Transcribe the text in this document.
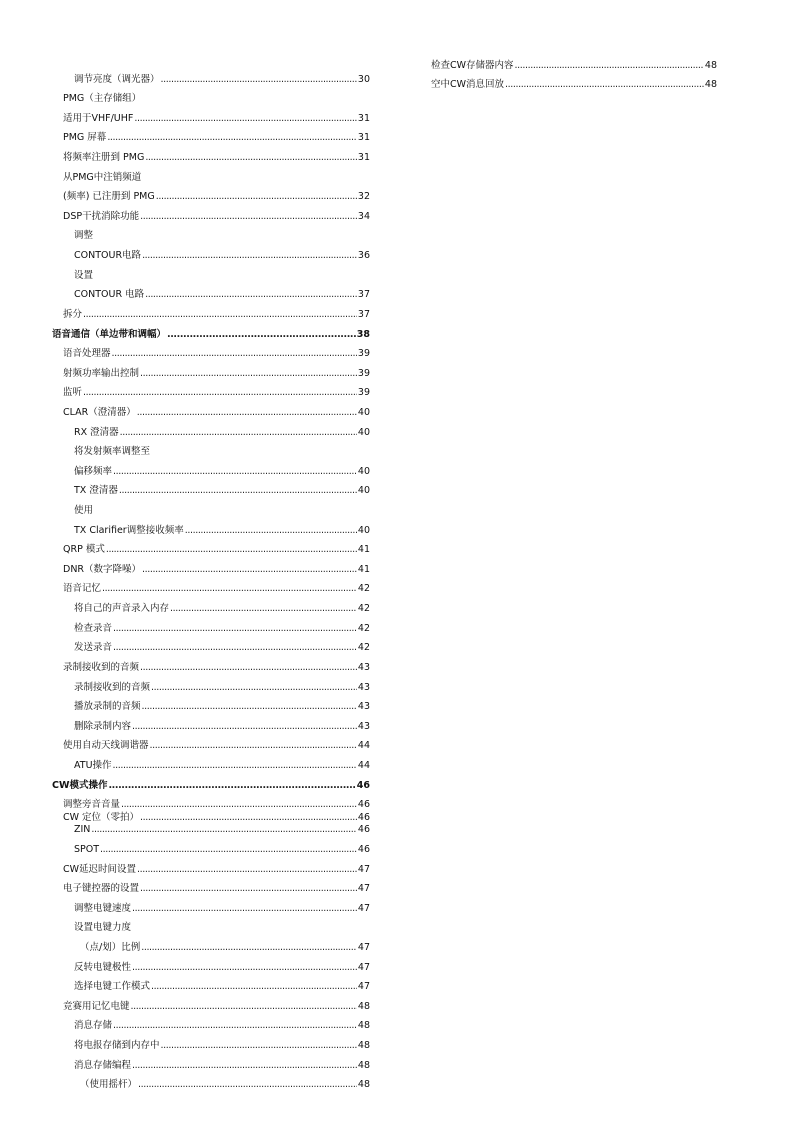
调节亮度（调光器） .....	30
PMG（主存储组）
适用于VHF/UHF .....	31
PMG 屏幕 .....	31
将频率注册到 PMG .....	31
从PMG中注销频道
(频率) 已注册到 PMG .....	32
DSP干扰消除功能 .....	34
调整
CONTOUR电路 .....	36
设置
CONTOUR 电路 .....	37
拆分 .....	37
语音通信（单边带和调幅） .....	38
语音处理器 .....	39
射频功率输出控制 .....	39
监听 .....	39
CLAR（澄清器） .....	40
RX 澄清器 .....	40
将发射频率调整至
偏移频率 .....	40
TX 澄清器 .....	40
使用
TX Clarifier调整接收频率 .....	40
QRP 模式 .....	41
DNR（数字降噪） .....	41
语音记忆 .....	42
将自己的声音录入内存 .....	42
检查录音 .....	42
发送录音 .....	42
录制接收到的音频 .....	43
录制接收到的音频 .....	43
播放录制的音频 .....	43
删除录制内容 .....	43
使用自动天线调谐器 .....	44
ATU操作 .....	44
CW模式操作 .....	46
调整旁音音量 .....	46
CW 定位（零拍） .....	46
ZIN .....	46
SPOT .....	46
CW延迟时间设置 .....	47
电子键控器的设置 .....	47
调整电键速度 .....	47
设置电键力度
（点/划）比例 .....	47
反转电键极性 .....	47
选择电键工作模式 .....	47
竞赛用记忆电键 .....	48
消息存储 .....	48
将电报存储到内存中 .....	48
消息存储编程 .....	48
（使用摇杆） .....	48
检查CW存储器内容 .....	48
空中CW消息回放 .....	48
